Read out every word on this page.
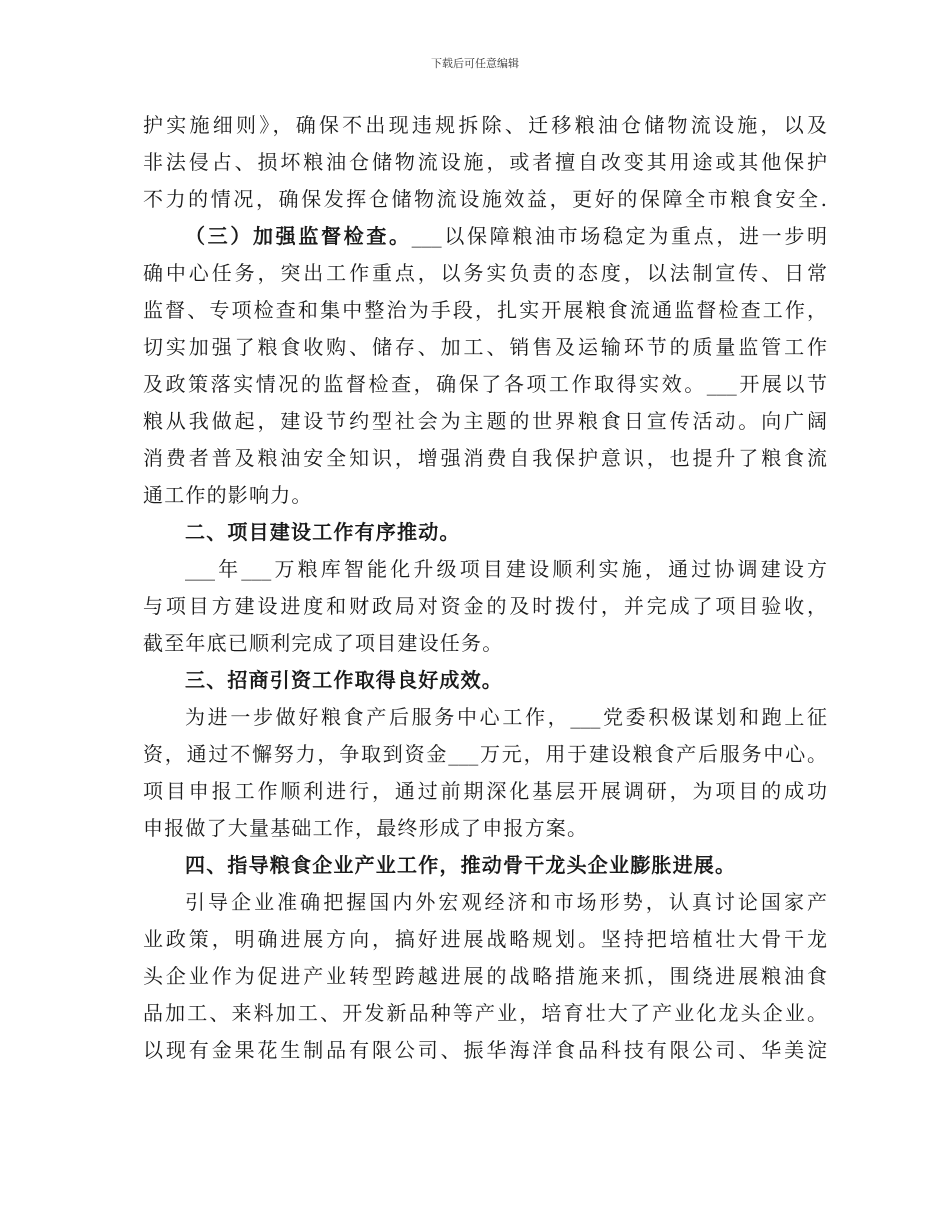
下载后可任意编辑
护实施细则》，确保不出现违规拆除、迁移粮油仓储物流设施，以及
非法侵占、损坏粮油仓储物流设施，或者擅自改变其用途或其他保护
不力的情况，确保发挥仓储物流设施效益，更好的保障全市粮食安全.
（三）加强监督检查。___以保障粮油市场稳定为重点，进一步明
确中心任务，突出工作重点，以务实负责的态度，以法制宣传、日常
监督、专项检查和集中整治为手段，扎实开展粮食流通监督检查工作，
切实加强了粮食收购、储存、加工、销售及运输环节的质量监管工作
及政策落实情况的监督检查，确保了各项工作取得实效。___开展以节
粮从我做起，建设节约型社会为主题的世界粮食日宣传活动。向广阔
消费者普及粮油安全知识，增强消费自我保护意识，也提升了粮食流
通工作的影响力。
二、项目建设工作有序推动。
___年___万粮库智能化升级项目建设顺利实施，通过协调建设方
与项目方建设进度和财政局对资金的及时拨付，并完成了项目验收，
截至年底已顺利完成了项目建设任务。
三、招商引资工作取得良好成效。
为进一步做好粮食产后服务中心工作，___党委积极谋划和跑上征
资，通过不懈努力，争取到资金___万元，用于建设粮食产后服务中心。
项目申报工作顺利进行，通过前期深化基层开展调研，为项目的成功
申报做了大量基础工作，最终形成了申报方案。
四、指导粮食企业产业工作，推动骨干龙头企业膨胀进展。
引导企业准确把握国内外宏观经济和市场形势，认真讨论国家产
业政策，明确进展方向，搞好进展战略规划。坚持把培植壮大骨干龙
头企业作为促进产业转型跨越进展的战略措施来抓，围绕进展粮油食
品加工、来料加工、开发新品种等产业，培育壮大了产业化龙头企业。
以现有金果花生制品有限公司、振华海洋食品科技有限公司、华美淀
